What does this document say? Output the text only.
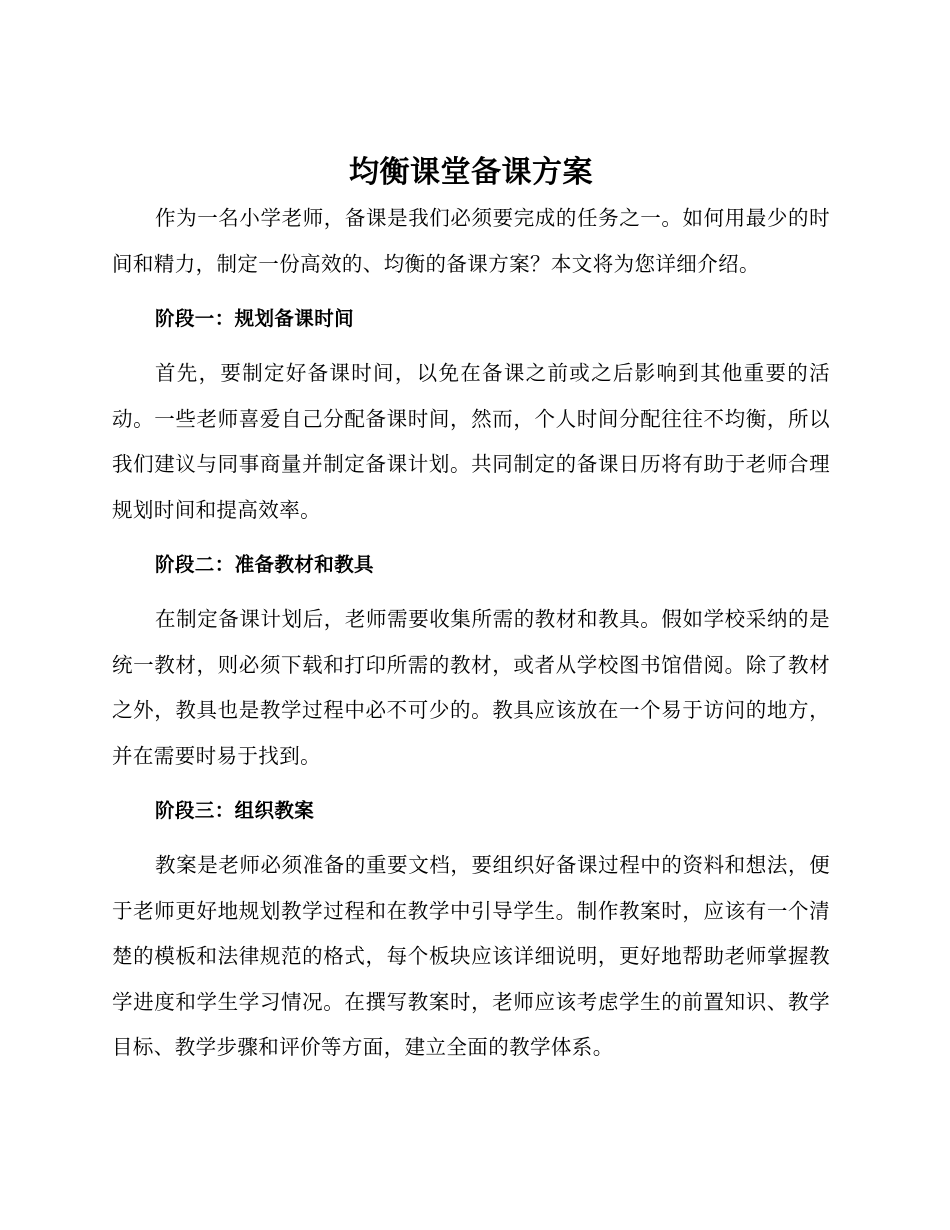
均衡课堂备课方案

作为一名小学老师，备课是我们必须要完成的任务之一。如何用最少的时间和精力，制定一份高效的、均衡的备课方案？本文将为您详细介绍。

阶段一：规划备课时间

首先，要制定好备课时间，以免在备课之前或之后影响到其他重要的活动。一些老师喜爱自己分配备课时间，然而，个人时间分配往往不均衡，所以我们建议与同事商量并制定备课计划。共同制定的备课日历将有助于老师合理规划时间和提高效率。

阶段二：准备教材和教具

在制定备课计划后，老师需要收集所需的教材和教具。假如学校采纳的是统一教材，则必须下载和打印所需的教材，或者从学校图书馆借阅。除了教材之外，教具也是教学过程中必不可少的。教具应该放在一个易于访问的地方，并在需要时易于找到。

阶段三：组织教案

教案是老师必须准备的重要文档，要组织好备课过程中的资料和想法，便于老师更好地规划教学过程和在教学中引导学生。制作教案时，应该有一个清楚的模板和法律规范的格式，每个板块应该详细说明，更好地帮助老师掌握教学进度和学生学习情况。在撰写教案时，老师应该考虑学生的前置知识、教学目标、教学步骤和评价等方面，建立全面的教学体系。
